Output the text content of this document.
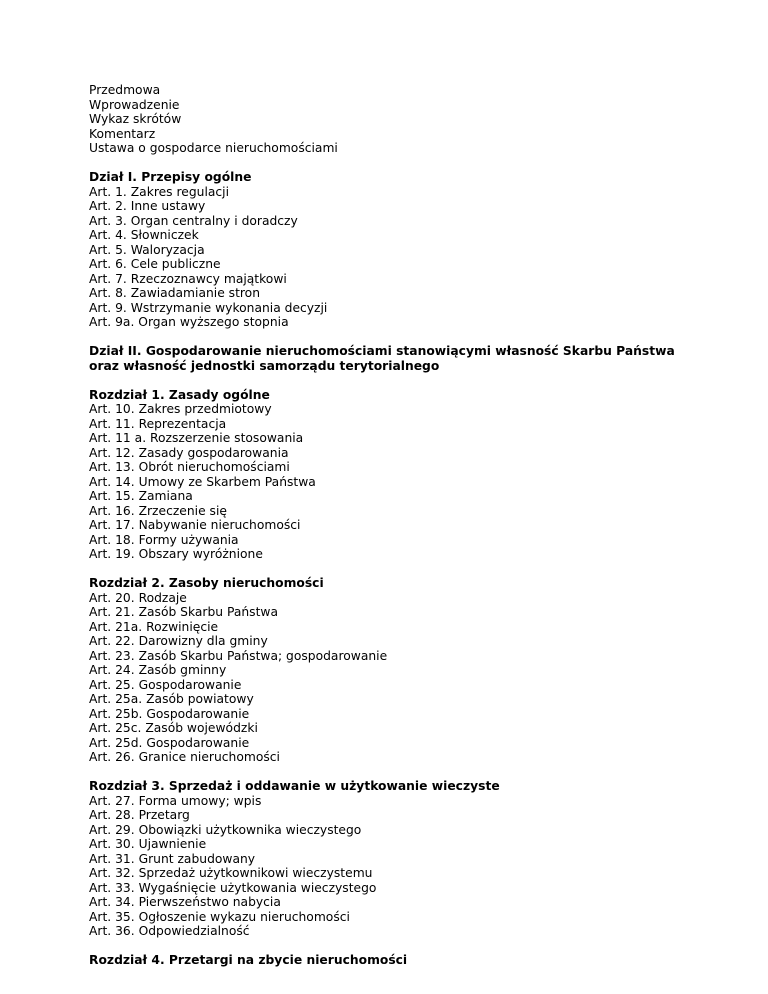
Przedmowa
Wprowadzenie
Wykaz skrótów
Komentarz
Ustawa o gospodarce nieruchomościami
Dział I. Przepisy ogólne
Art. 1. Zakres regulacji
Art. 2. Inne ustawy
Art. 3. Organ centralny i doradczy
Art. 4. Słowniczek
Art. 5. Waloryzacja
Art. 6. Cele publiczne
Art. 7. Rzeczoznawcy majątkowi
Art. 8. Zawiadamianie stron
Art. 9. Wstrzymanie wykonania decyzji
Art. 9a. Organ wyższego stopnia
Dział II. Gospodarowanie nieruchomościami stanowiącymi własność Skarbu Państwa oraz własność jednostki samorządu terytorialnego
Rozdział 1. Zasady ogólne
Art. 10. Zakres przedmiotowy
Art. 11. Reprezentacja
Art. 11 a. Rozszerzenie stosowania
Art. 12. Zasady gospodarowania
Art. 13. Obrót nieruchomościami
Art. 14. Umowy ze Skarbem Państwa
Art. 15. Zamiana
Art. 16. Zrzeczenie się
Art. 17. Nabywanie nieruchomości
Art. 18. Formy używania
Art. 19. Obszary wyróżnione
Rozdział 2. Zasoby nieruchomości
Art. 20. Rodzaje
Art. 21. Zasób Skarbu Państwa
Art. 21a. Rozwinięcie
Art. 22. Darowizny dla gminy
Art. 23. Zasób Skarbu Państwa; gospodarowanie
Art. 24. Zasób gminny
Art. 25. Gospodarowanie
Art. 25a. Zasób powiatowy
Art. 25b. Gospodarowanie
Art. 25c. Zasób wojewódzki
Art. 25d. Gospodarowanie
Art. 26. Granice nieruchomości
Rozdział 3. Sprzedaż i oddawanie w użytkowanie wieczyste
Art. 27. Forma umowy; wpis
Art. 28. Przetarg
Art. 29. Obowiązki użytkownika wieczystego
Art. 30. Ujawnienie
Art. 31. Grunt zabudowany
Art. 32. Sprzedaż użytkownikowi wieczystemu
Art. 33. Wygaśnięcie użytkowania wieczystego
Art. 34. Pierwszeństwo nabycia
Art. 35. Ogłoszenie wykazu nieruchomości
Art. 36. Odpowiedzialność
Rozdział 4. Przetargi na zbycie nieruchomości
